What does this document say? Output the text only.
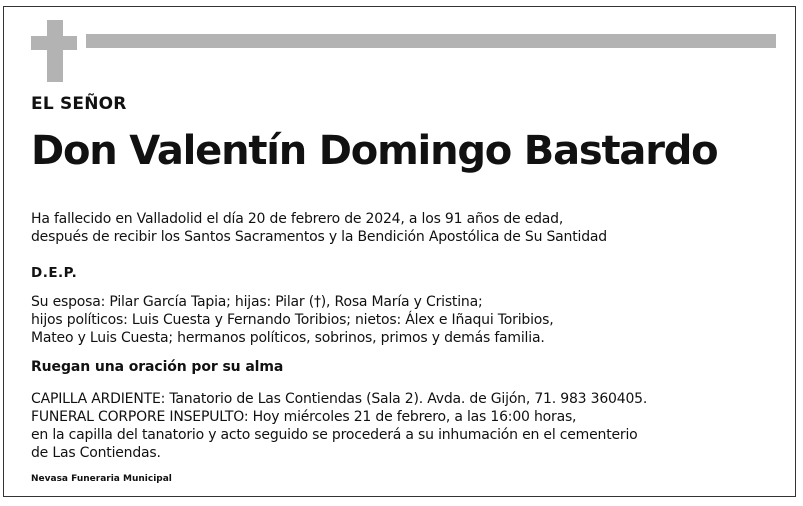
EL SEÑOR

Don Valentín Domingo Bastardo

Ha fallecido en Valladolid el día 20 de febrero de 2024, a los 91 años de edad,
después de recibir los Santos Sacramentos y la Bendición Apostólica de Su Santidad

D.E.P.

Su esposa: Pilar García Tapia; hijas: Pilar (†), Rosa María y Cristina;
hijos políticos: Luis Cuesta y Fernando Toribios; nietos: Álex e Iñaqui Toribios,
Mateo y Luis Cuesta; hermanos políticos, sobrinos, primos y demás familia.

Ruegan una oración por su alma

CAPILLA ARDIENTE: Tanatorio de Las Contiendas (Sala 2). Avda. de Gijón, 71. 983 360405.
FUNERAL CORPORE INSEPULTO: Hoy miércoles 21 de febrero, a las 16:00 horas,
en la capilla del tanatorio y acto seguido se procederá a su inhumación en el cementerio
de Las Contiendas.

Nevasa Funeraria Municipal
